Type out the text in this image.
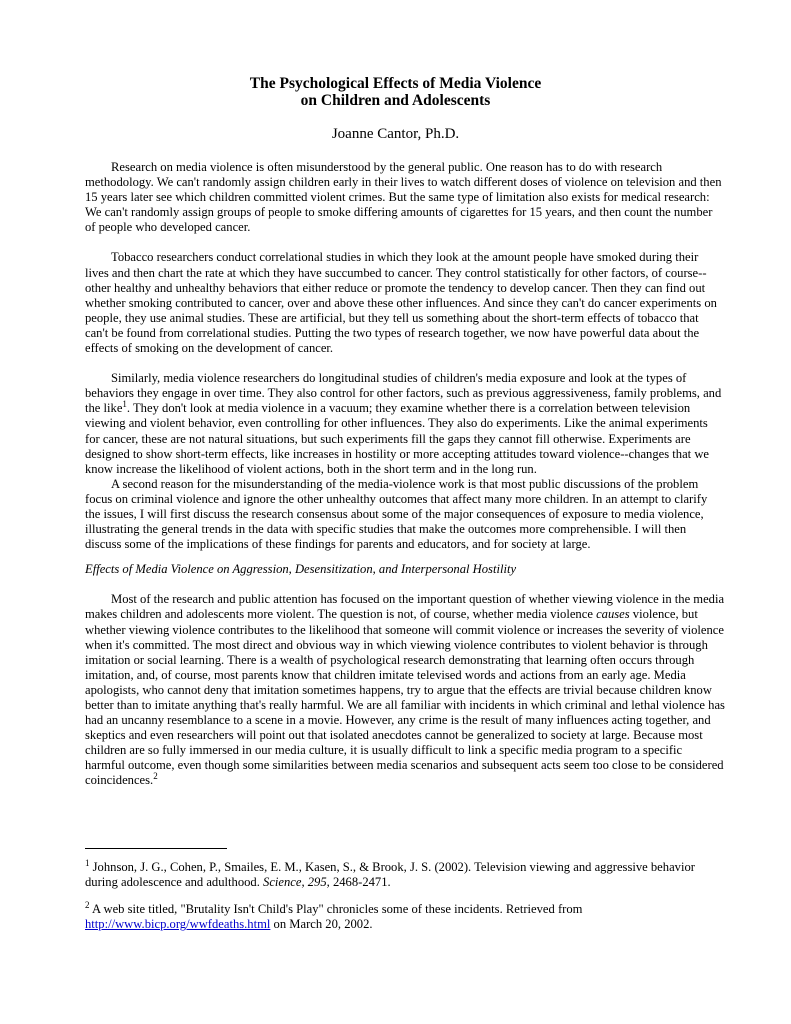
The Psychological Effects of Media Violence
on Children and Adolescents
Joanne Cantor, Ph.D.

Research on media violence is often misunderstood by the general public. One reason has to do with research methodology. We can't randomly assign children early in their lives to watch different doses of violence on television and then 15 years later see which children committed violent crimes. But the same type of limitation also exists for medical research: We can't randomly assign groups of people to smoke differing amounts of cigarettes for 15 years, and then count the number of people who developed cancer.

Tobacco researchers conduct correlational studies in which they look at the amount people have smoked during their lives and then chart the rate at which they have succumbed to cancer. They control statistically for other factors, of course--other healthy and unhealthy behaviors that either reduce or promote the tendency to develop cancer. Then they can find out whether smoking contributed to cancer, over and above these other influences. And since they can't do cancer experiments on people, they use animal studies. These are artificial, but they tell us something about the short-term effects of tobacco that can't be found from correlational studies. Putting the two types of research together, we now have powerful data about the effects of smoking on the development of cancer.

Similarly, media violence researchers do longitudinal studies of children's media exposure and look at the types of behaviors they engage in over time. They also control for other factors, such as previous aggressiveness, family problems, and the like$^1$. They don't look at media violence in a vacuum; they examine whether there is a correlation between television viewing and violent behavior, even controlling for other influences. They also do experiments. Like the animal experiments for cancer, these are not natural situations, but such experiments fill the gaps they cannot fill otherwise. Experiments are designed to show short-term effects, like increases in hostility or more accepting attitudes toward violence--changes that we know increase the likelihood of violent actions, both in the short term and in the long run.

A second reason for the misunderstanding of the media-violence work is that most public discussions of the problem focus on criminal violence and ignore the other unhealthy outcomes that affect many more children. In an attempt to clarify the issues, I will first discuss the research consensus about some of the major consequences of exposure to media violence, illustrating the general trends in the data with specific studies that make the outcomes more comprehensible. I will then discuss some of the implications of these findings for parents and educators, and for society at large.

Effects of Media Violence on Aggression, Desensitization, and Interpersonal Hostility

Most of the research and public attention has focused on the important question of whether viewing violence in the media makes children and adolescents more violent. The question is not, of course, whether media violence causes violence, but whether viewing violence contributes to the likelihood that someone will commit violence or increases the severity of violence when it's committed. The most direct and obvious way in which viewing violence contributes to violent behavior is through imitation or social learning. There is a wealth of psychological research demonstrating that learning often occurs through imitation, and, of course, most parents know that children imitate televised words and actions from an early age. Media apologists, who cannot deny that imitation sometimes happens, try to argue that the effects are trivial because children know better than to imitate anything that's really harmful. We are all familiar with incidents in which criminal and lethal violence has had an uncanny resemblance to a scene in a movie. However, any crime is the result of many influences acting together, and skeptics and even researchers will point out that isolated anecdotes cannot be generalized to society at large. Because most children are so fully immersed in our media culture, it is usually difficult to link a specific media program to a specific harmful outcome, even though some similarities between media scenarios and subsequent acts seem too close to be considered coincidences.$^2$

$^1$ Johnson, J. G., Cohen, P., Smailes, E. M., Kasen, S., & Brook, J. S. (2002). Television viewing and aggressive behavior during adolescence and adulthood. Science, 295, 2468-2471.

$^2$ A web site titled, "Brutality Isn't Child's Play" chronicles some of these incidents. Retrieved from http://www.bicp.org/wwfdeaths.html on March 20, 2002.
